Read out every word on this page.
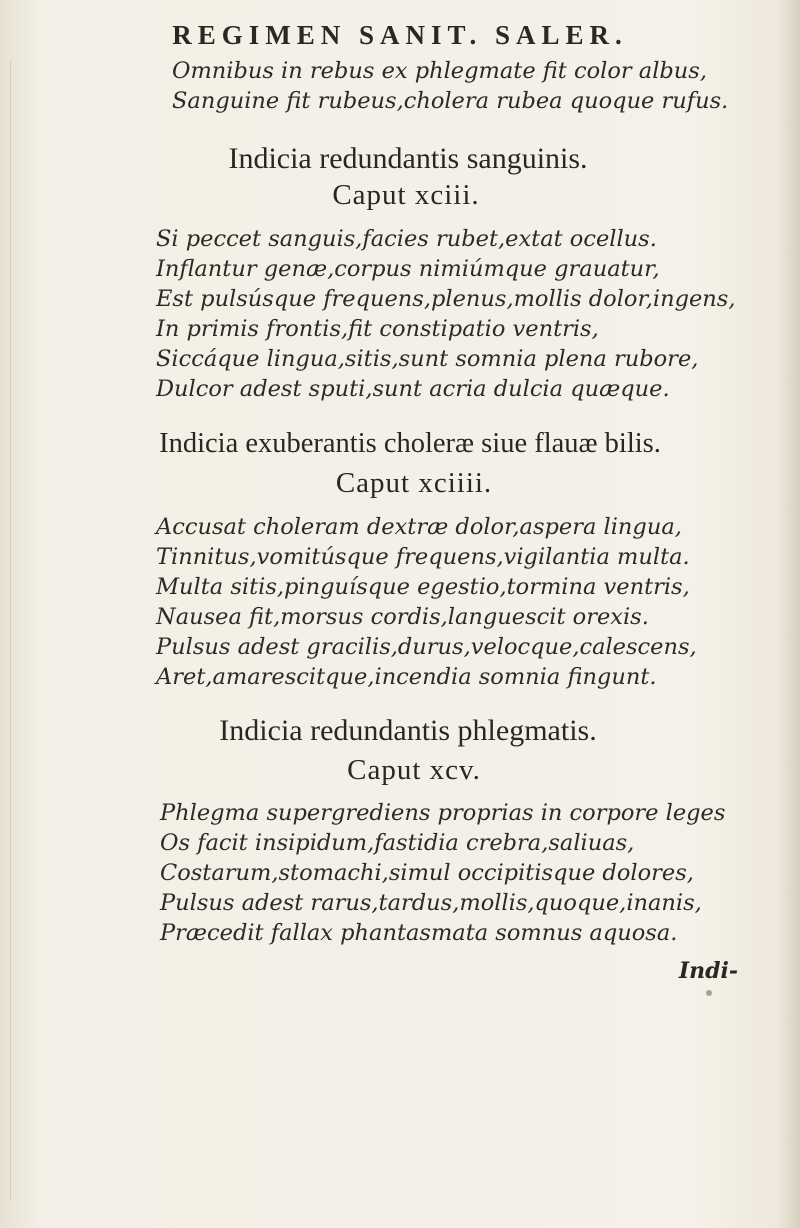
REGIMEN SANIT. SALER.
Omnibus in rebus ex phlegmate fit color albus,
Sanguine fit rubeus,cholera rubea quoque rufus.
Indicia redundantis sanguinis.
Caput xciii.
Si peccet sanguis,facies rubet,extat ocellus.
Inflantur genæ,corpus nimiúmque grauatur,
Est pulsúsque frequens,plenus,mollis dolor,ingens,
In primis frontis,fit constipatio ventris,
Siccáque lingua,sitis,sunt somnia plena rubore,
Dulcor adest sputi,sunt acria dulcia quæque.
Indicia exuberantis choleræ siue flauæ bilis.
Caput xciiii.
Accusat choleram dextræ dolor,aspera lingua,
Tinnitus,vomitúsque frequens,vigilantia multa.
Multa sitis,pinguísque egestio,tormina ventris,
Nausea fit,morsus cordis,languescit orexis.
Pulsus adest gracilis,durus,velocque,calescens,
Aret,amarescitque,incendia somnia fingunt.
Indicia redundantis phlegmatis.
Caput xcv.
Phlegma supergrediens proprias in corpore leges
Os facit insipidum,fastidia crebra,saliuas,
Costarum,stomachi,simul occipitisque dolores,
Pulsus adest rarus,tardus,mollis,quoque,inanis,
Præcedit fallax phantasmata somnus aquosa.
Indi-
